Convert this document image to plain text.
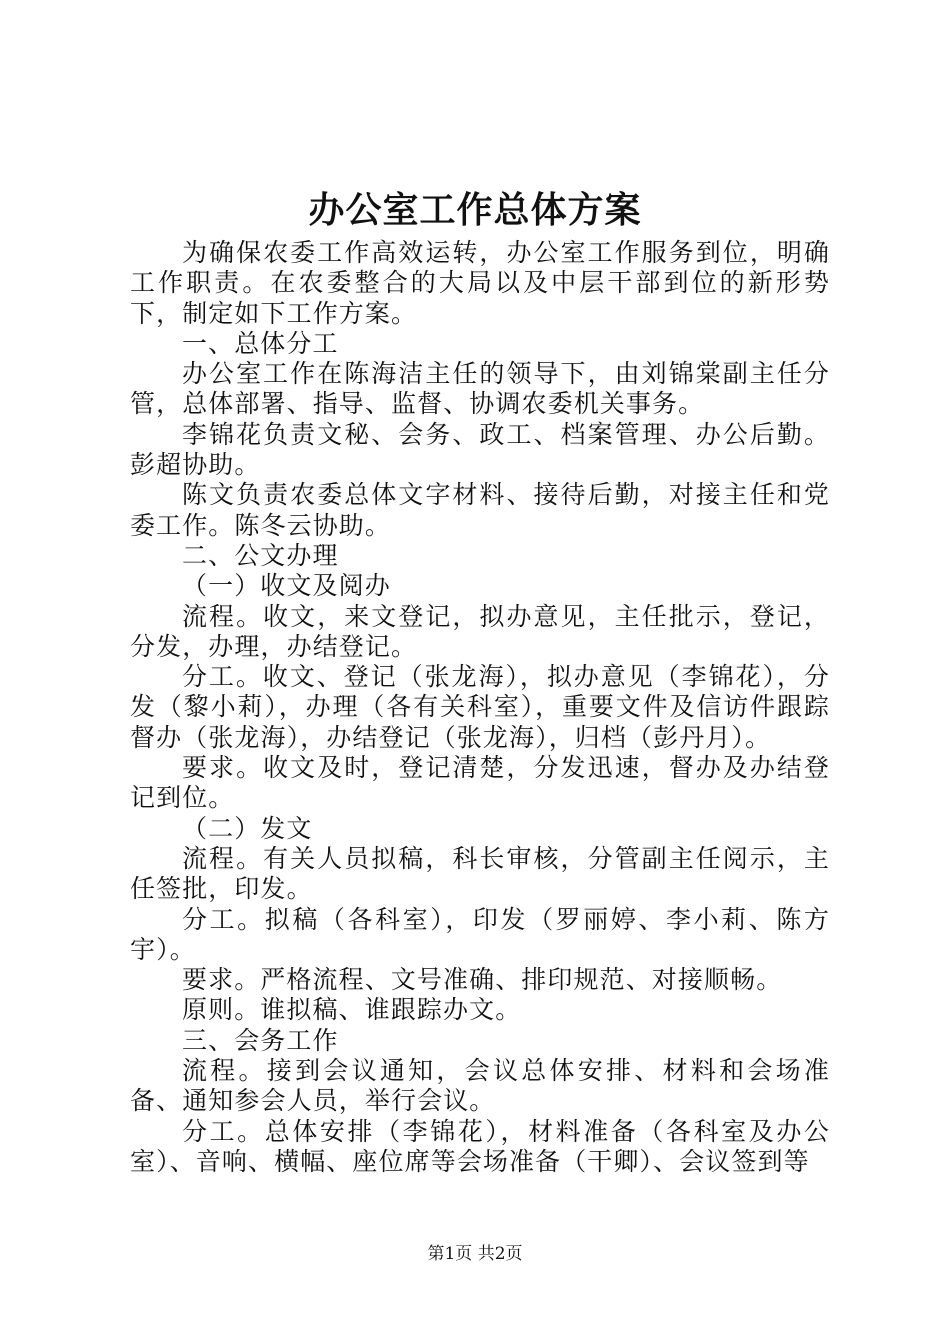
办公室工作总体方案

为确保农委工作高效运转，办公室工作服务到位，明确工作职责。在农委整合的大局以及中层干部到位的新形势下，制定如下工作方案。

一、总体分工

办公室工作在陈海洁主任的领导下，由刘锦棠副主任分管，总体部署、指导、监督、协调农委机关事务。

李锦花负责文秘、会务、政工、档案管理、办公后勤。彭超协助。

陈文负责农委总体文字材料、接待后勤，对接主任和党委工作。陈冬云协助。

二、公文办理

（一）收文及阅办

流程。收文，来文登记，拟办意见，主任批示，登记，分发，办理，办结登记。

分工。收文、登记（张龙海），拟办意见（李锦花），分发（黎小莉），办理（各有关科室），重要文件及信访件跟踪督办（张龙海），办结登记（张龙海），归档（彭丹月）。

要求。收文及时，登记清楚，分发迅速，督办及办结登记到位。

（二）发文

流程。有关人员拟稿，科长审核，分管副主任阅示，主任签批，印发。

分工。拟稿（各科室），印发（罗丽婷、李小莉、陈方宇）。

要求。严格流程、文号准确、排印规范、对接顺畅。

原则。谁拟稿、谁跟踪办文。

三、会务工作

流程。接到会议通知，会议总体安排、材料和会场准备、通知参会人员，举行会议。

分工。总体安排（李锦花），材料准备（各科室及办公室）、音响、横幅、座位席等会场准备（干卿）、会议签到等

第1页 共2页
